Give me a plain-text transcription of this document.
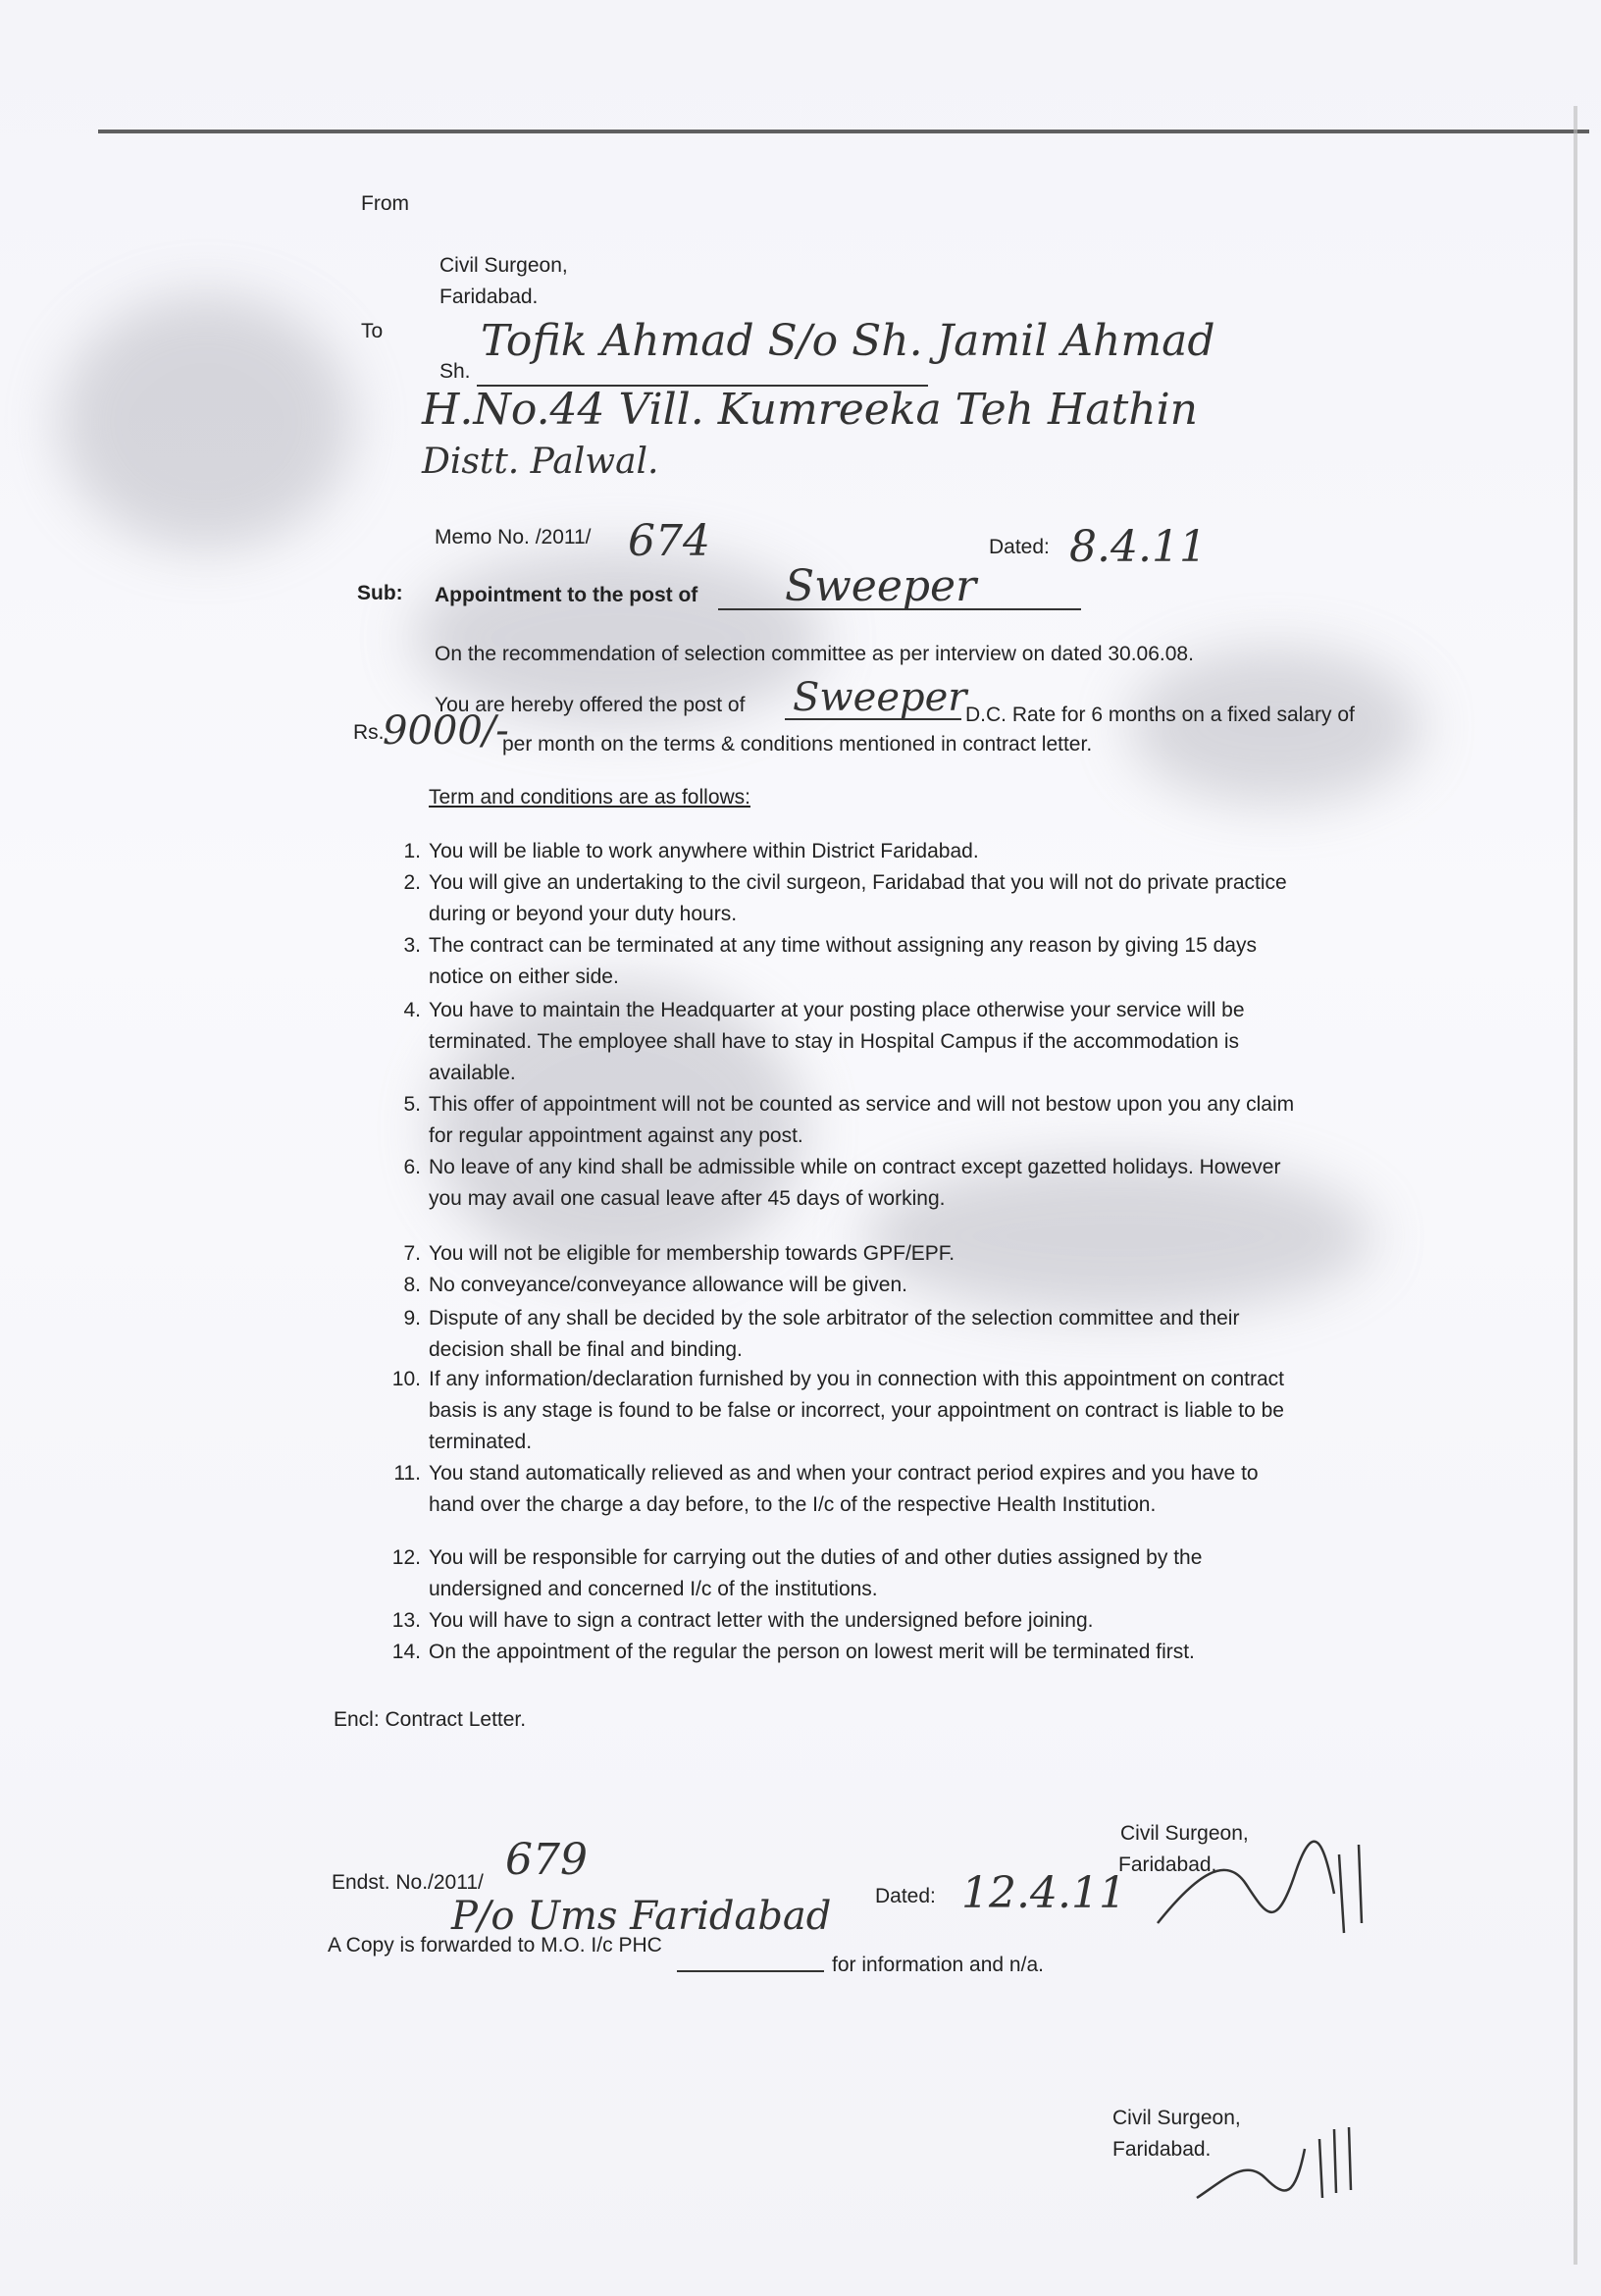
From
Civil Surgeon,
Faridabad.
To
Sh.
Tofik Ahmad S/o Sh. Jamil Ahmad
H.No.44 Vill. Kumreeka Teh Hathin
Distt. Palwal.
Memo No. /2011/ 674	Dated: 8.4.11
Sub: Appointment to the post of Sweeper
On the recommendation of selection committee as per interview on dated 30.06.08.
You are hereby offered the post of Sweeper
D.C. Rate for 6 months on a fixed salary of
Rs.
9000/-
per month on the terms & conditions mentioned in contract letter.
Term and conditions are as follows:
1. You will be liable to work anywhere within District Faridabad.
2. You will give an undertaking to the civil surgeon, Faridabad that you will not do private practice
during or beyond your duty hours.
3. The contract can be terminated at any time without assigning any reason by giving 15 days
notice on either side.
4. You have to maintain the Headquarter at your posting place otherwise your service will be
terminated. The employee shall have to stay in Hospital Campus if the accommodation is
available.
5. This offer of appointment will not be counted as service and will not bestow upon you any claim
for regular appointment against any post.
6. No leave of any kind shall be admissible while on contract except gazetted holidays. However
you may avail one casual leave after 45 days of working.
7. You will not be eligible for membership towards GPF/EPF.
8. No conveyance/conveyance allowance will be given.
9. Dispute of any shall be decided by the sole arbitrator of the selection committee and their
decision shall be final and binding.
10. If any information/declaration furnished by you in connection with this appointment on contract
basis is any stage is found to be false or incorrect, your appointment on contract is liable to be
terminated.
11. You stand automatically relieved as and when your contract period expires and you have to
hand over the charge a day before, to the I/c of the respective Health Institution.
12. You will be responsible for carrying out the duties of and other duties assigned by the
undersigned and concerned I/c of the institutions.
13. You will have to sign a contract letter with the undersigned before joining.
14. On the appointment of the regular the person on lowest merit will be terminated first.
Encl: Contract Letter.
Civil Surgeon,
Faridabad.
Endst. No./2011/ 679
Dated: 12.4.11
A Copy is forwarded to M.O. I/c PHC
P/o Ums Faridabad
for information and n/a.
Civil Surgeon,
Faridabad.
